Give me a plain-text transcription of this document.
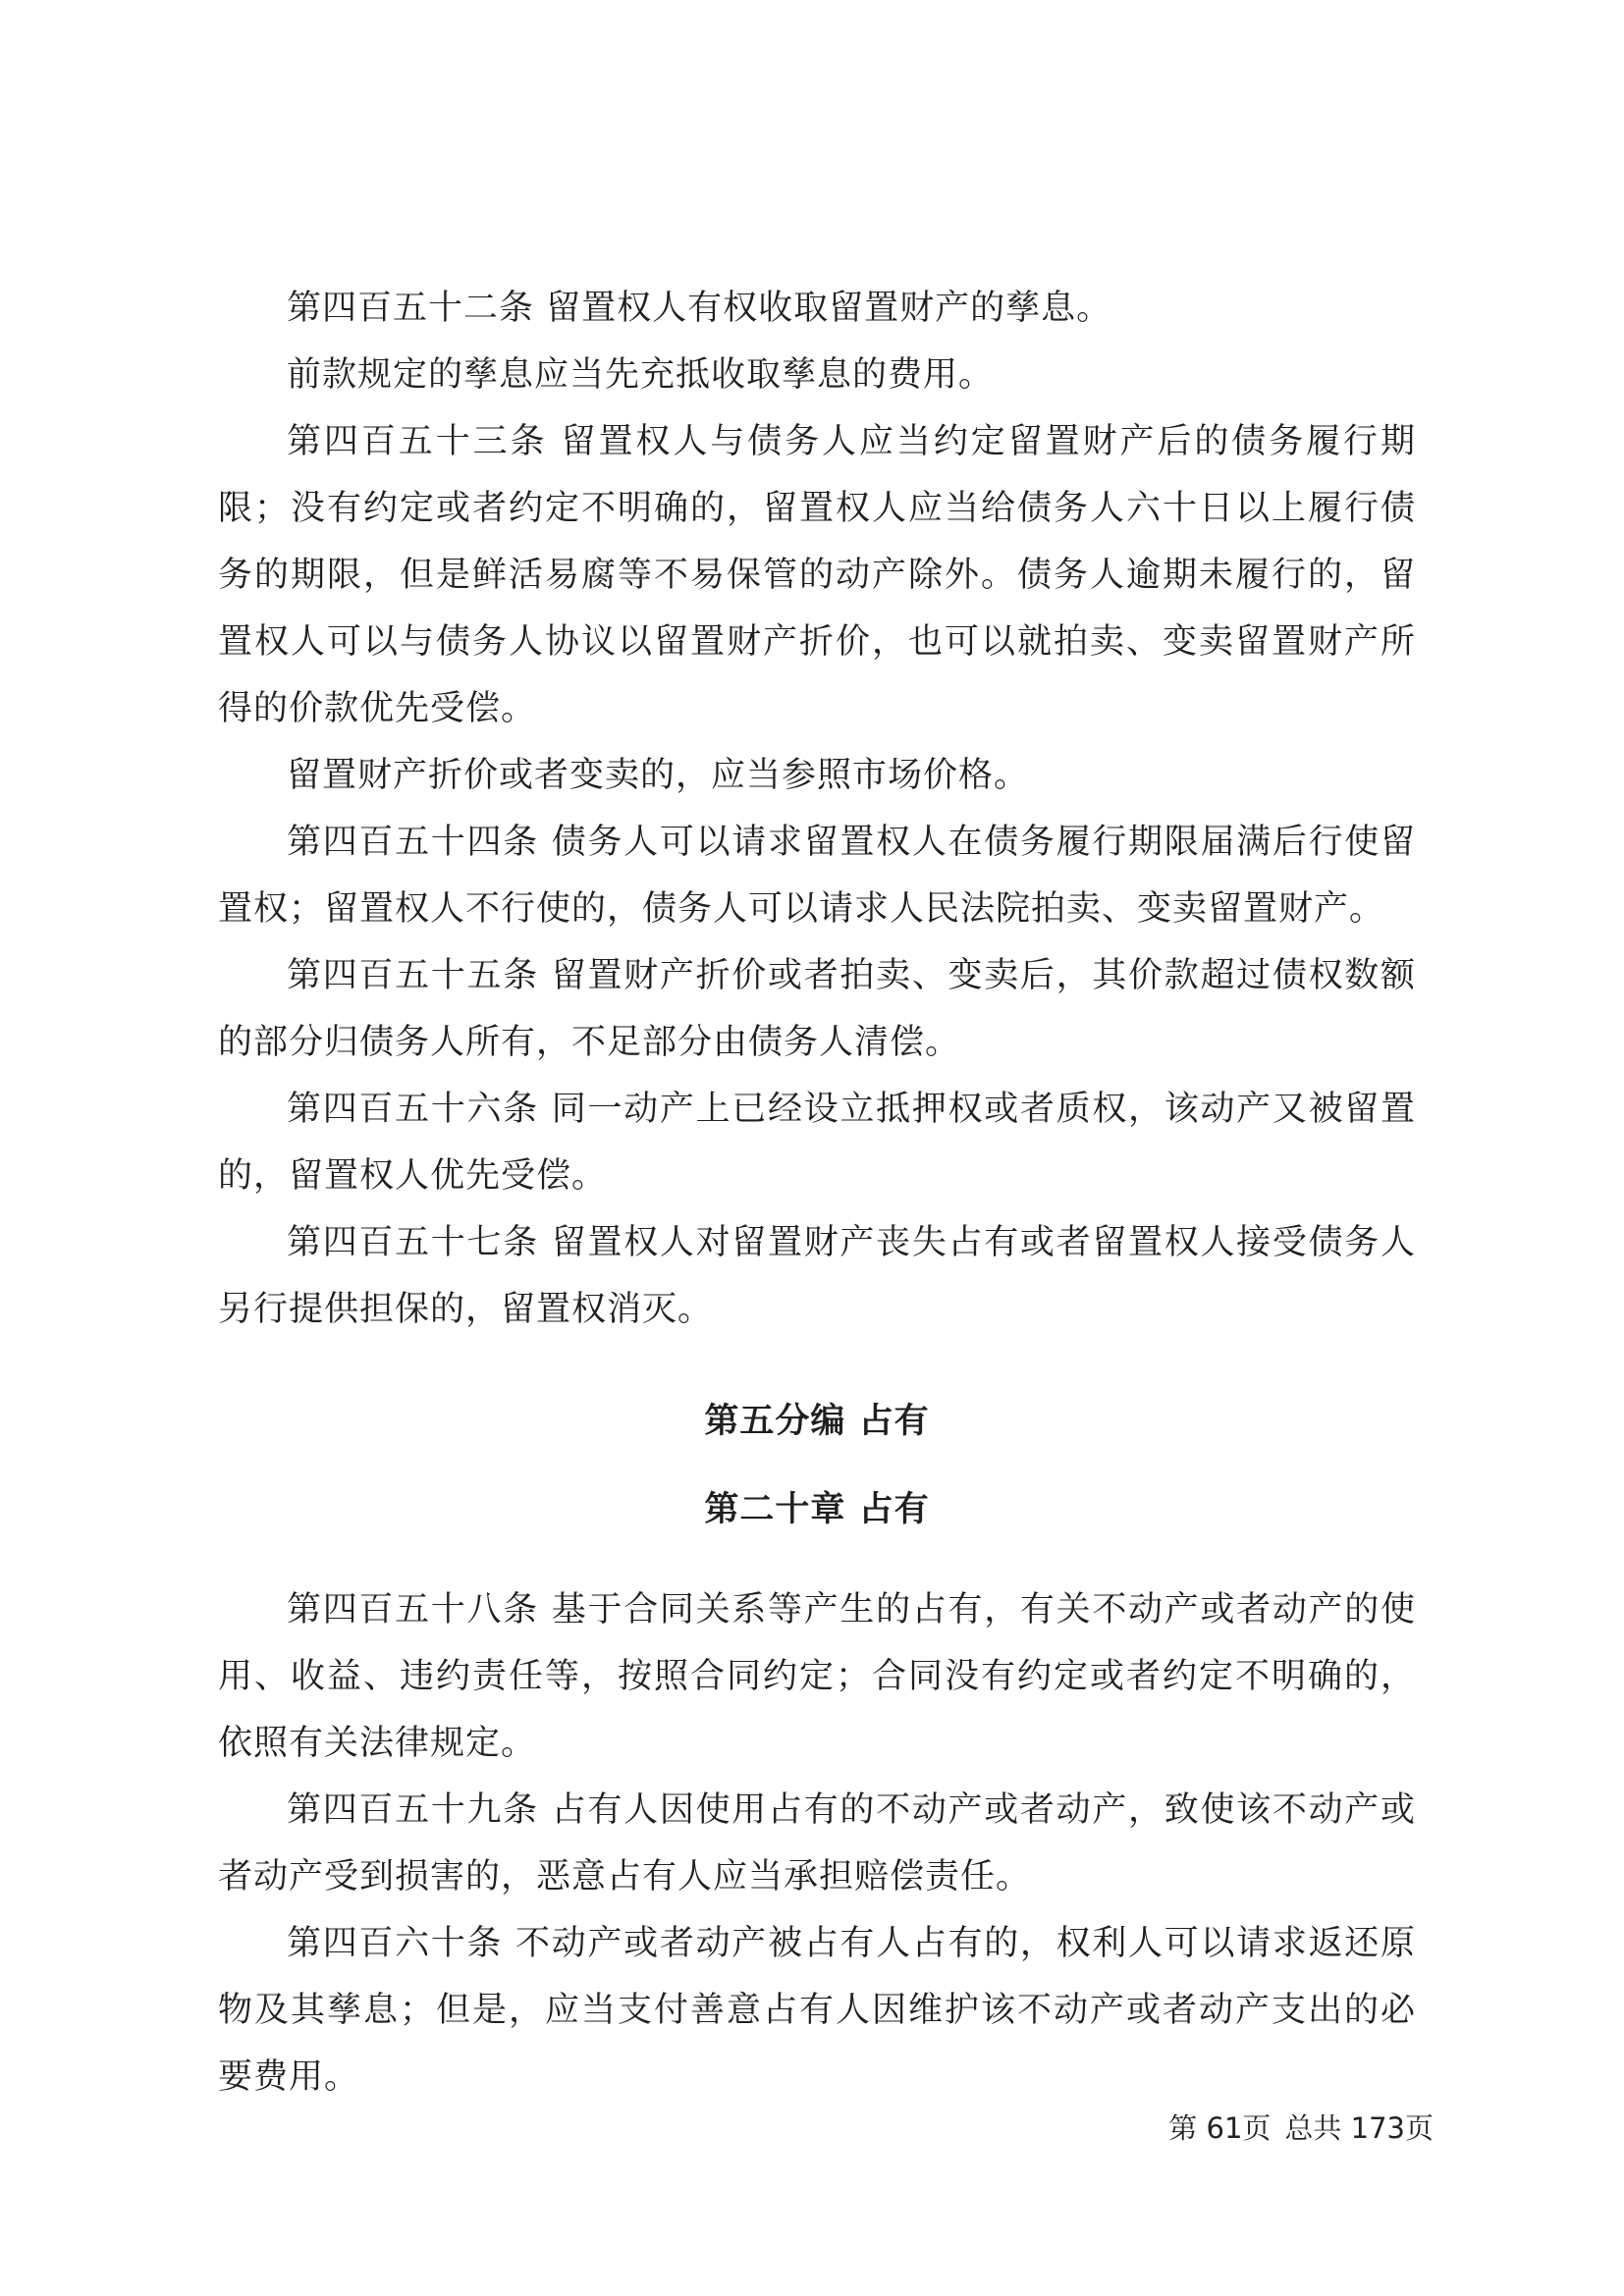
第四百五十二条 留置权人有权收取留置财产的孳息。

前款规定的孳息应当先充抵收取孳息的费用。

第四百五十三条 留置权人与债务人应当约定留置财产后的债务履行期限；没有约定或者约定不明确的，留置权人应当给债务人六十日以上履行债务的期限，但是鲜活易腐等不易保管的动产除外。债务人逾期未履行的，留置权人可以与债务人协议以留置财产折价，也可以就拍卖、变卖留置财产所得的价款优先受偿。

留置财产折价或者变卖的，应当参照市场价格。

第四百五十四条 债务人可以请求留置权人在债务履行期限届满后行使留置权；留置权人不行使的，债务人可以请求人民法院拍卖、变卖留置财产。

第四百五十五条 留置财产折价或者拍卖、变卖后，其价款超过债权数额的部分归债务人所有，不足部分由债务人清偿。

第四百五十六条 同一动产上已经设立抵押权或者质权，该动产又被留置的，留置权人优先受偿。

第四百五十七条 留置权人对留置财产丧失占有或者留置权人接受债务人另行提供担保的，留置权消灭。

第五分编 占有
第二十章 占有

第四百五十八条 基于合同关系等产生的占有，有关不动产或者动产的使用、收益、违约责任等，按照合同约定；合同没有约定或者约定不明确的，依照有关法律规定。

第四百五十九条 占有人因使用占有的不动产或者动产，致使该不动产或者动产受到损害的，恶意占有人应当承担赔偿责任。

第四百六十条 不动产或者动产被占有人占有的，权利人可以请求返还原物及其孳息；但是，应当支付善意占有人因维护该不动产或者动产支出的必要费用。

第 61页 总共 173页
